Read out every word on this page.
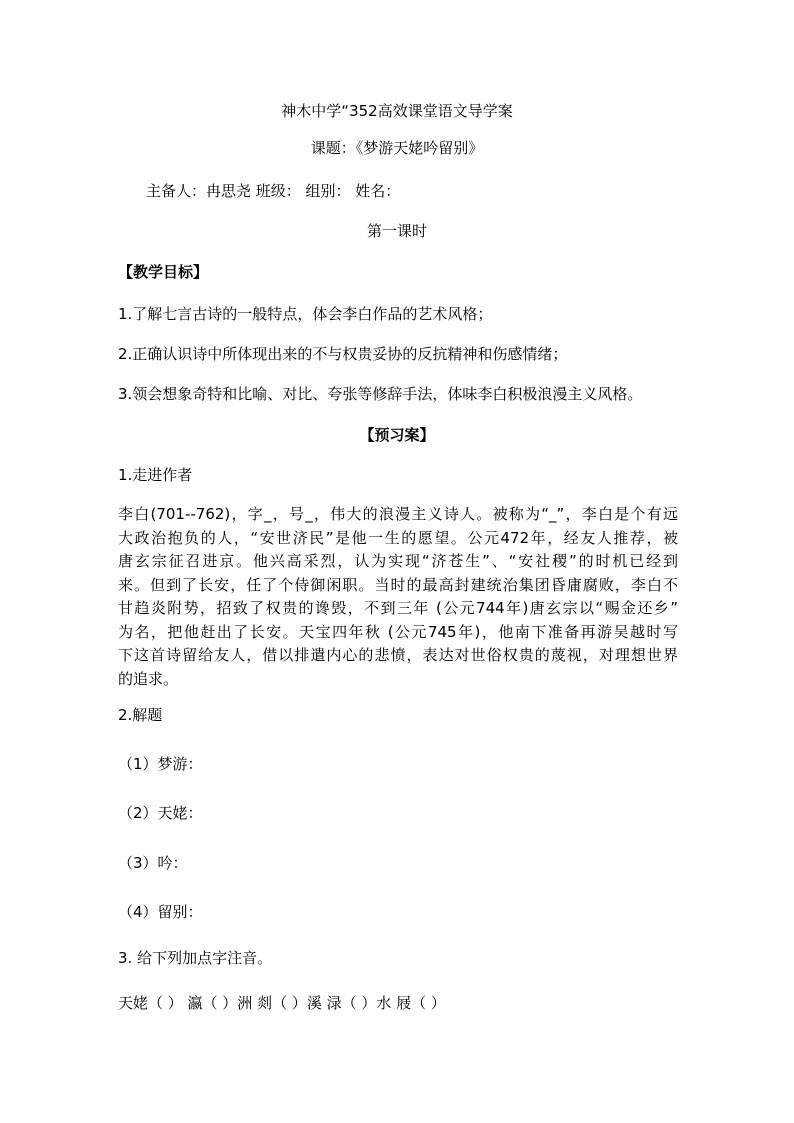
神木中学“352高效课堂语文导学案
课题：《梦游天姥吟留别》
主备人：冉思尧 班级： 组别： 姓名：
第一课时
【教学目标】
1.了解七言古诗的一般特点，体会李白作品的艺术风格；
2.正确认识诗中所体现出来的不与权贵妥协的反抗精神和伤感情绪；
3.领会想象奇特和比喻、对比、夸张等修辞手法，体味李白积极浪漫主义风格。
【预习案】
1.走进作者
李白(701--762)，字_，号_，伟大的浪漫主义诗人。被称为“_”，李白是个有远
大政治抱负的人，“安世济民”是他一生的愿望。公元472年，经友人推荐，被
唐玄宗征召进京。他兴高采烈，认为实现“济苍生”、“安社稷”的时机已经到
来。但到了长安，任了个侍御闲职。当时的最高封建统治集团昏庸腐败，李白不
甘趋炎附势，招致了权贵的谗毁，不到三年 (公元744年)唐玄宗以“赐金还乡”
为名，把他赶出了长安。天宝四年秋 (公元745年)，他南下准备再游吴越时写
下这首诗留给友人，借以排遣内心的悲愤，表达对世俗权贵的蔑视，对理想世界
的追求。
2.解题
（1）梦游：
（2）天姥：
（3）吟：
（4）留别：
3. 给下列加点字注音。
天姥（ ） 瀛（ ）洲 剡（ ）溪 渌（ ）水 屐（ ）
